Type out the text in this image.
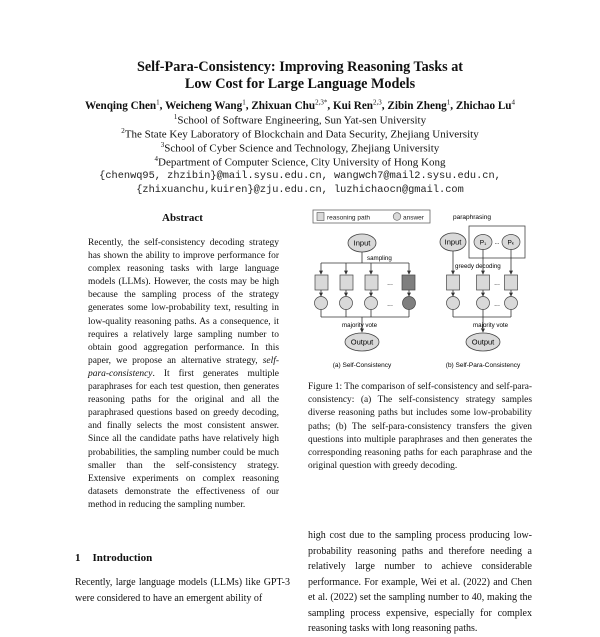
Self-Para-Consistency: Improving Reasoning Tasks at
Low Cost for Large Language Models
Wenqing Chen$^1$, Weicheng Wang$^1$, Zhixuan Chu$^{2,3*}$, Kui Ren$^{2,3}$, Zibin Zheng$^1$, Zhichao Lu$^4$
$^1$School of Software Engineering, Sun Yat-sen University
$^2$The State Key Laboratory of Blockchain and Data Security, Zhejiang University
$^3$School of Cyber Science and Technology, Zhejiang University
$^4$Department of Computer Science, City University of Hong Kong
{chenwq95, zhzibin}@mail.sysu.edu.cn, wangwch7@mail2.sysu.edu.cn,
{zhixuanchu,kuiren}@zju.edu.cn, luzhichaocn@gmail.com
Abstract

Recently, the self-consistency decoding strategy has shown the ability to improve performance for complex reasoning tasks with large language models (LLMs). However, the costs may be high because the sampling process of the strategy generates some low-probability text, resulting in low-quality reasoning paths. As a consequence, it requires a relatively large sampling number to obtain good aggregation performance. In this paper, we propose an alternative strategy, self-para-consistency. It first generates multiple paraphrases for each test question, then generates reasoning paths for the original and all the paraphrased questions based on greedy decoding, and finally selects the most consistent answer. Since all the candidate paths have relatively high probabilities, the sampling number could be much smaller than the self-consistency strategy. Extensive experiments on complex reasoning datasets demonstrate the effectiveness of our method in reducing the sampling number.

1 Introduction
Recently, large language models (LLMs) like GPT-3 were considered to have an emergent ability of
reasoning path	answer
Input
sampling
...
...
majority vote
Output
(a) Self-Consistency
paraphrasing
Input	P₁	Pₖ
...
greedy decoding
...
...
majority vote
Output
(b) Self-Para-Consistency
Figure 1: The comparison of self-consistency and self-para-consistency: (a) The self-consistency strategy samples diverse reasoning paths but includes some low-probability paths; (b) The self-para-consistency transfers the given questions into multiple paraphrases and then generates the corresponding reasoning paths for each paraphrase and the original question with greedy decoding.
high cost due to the sampling process producing low-probability reasoning paths and therefore needing a relatively large number to achieve considerable performance. For example, Wei et al. (2022) and Chen et al. (2022) set the sampling number to 40, making the sampling process expensive, especially for complex reasoning tasks with long reasoning paths.
